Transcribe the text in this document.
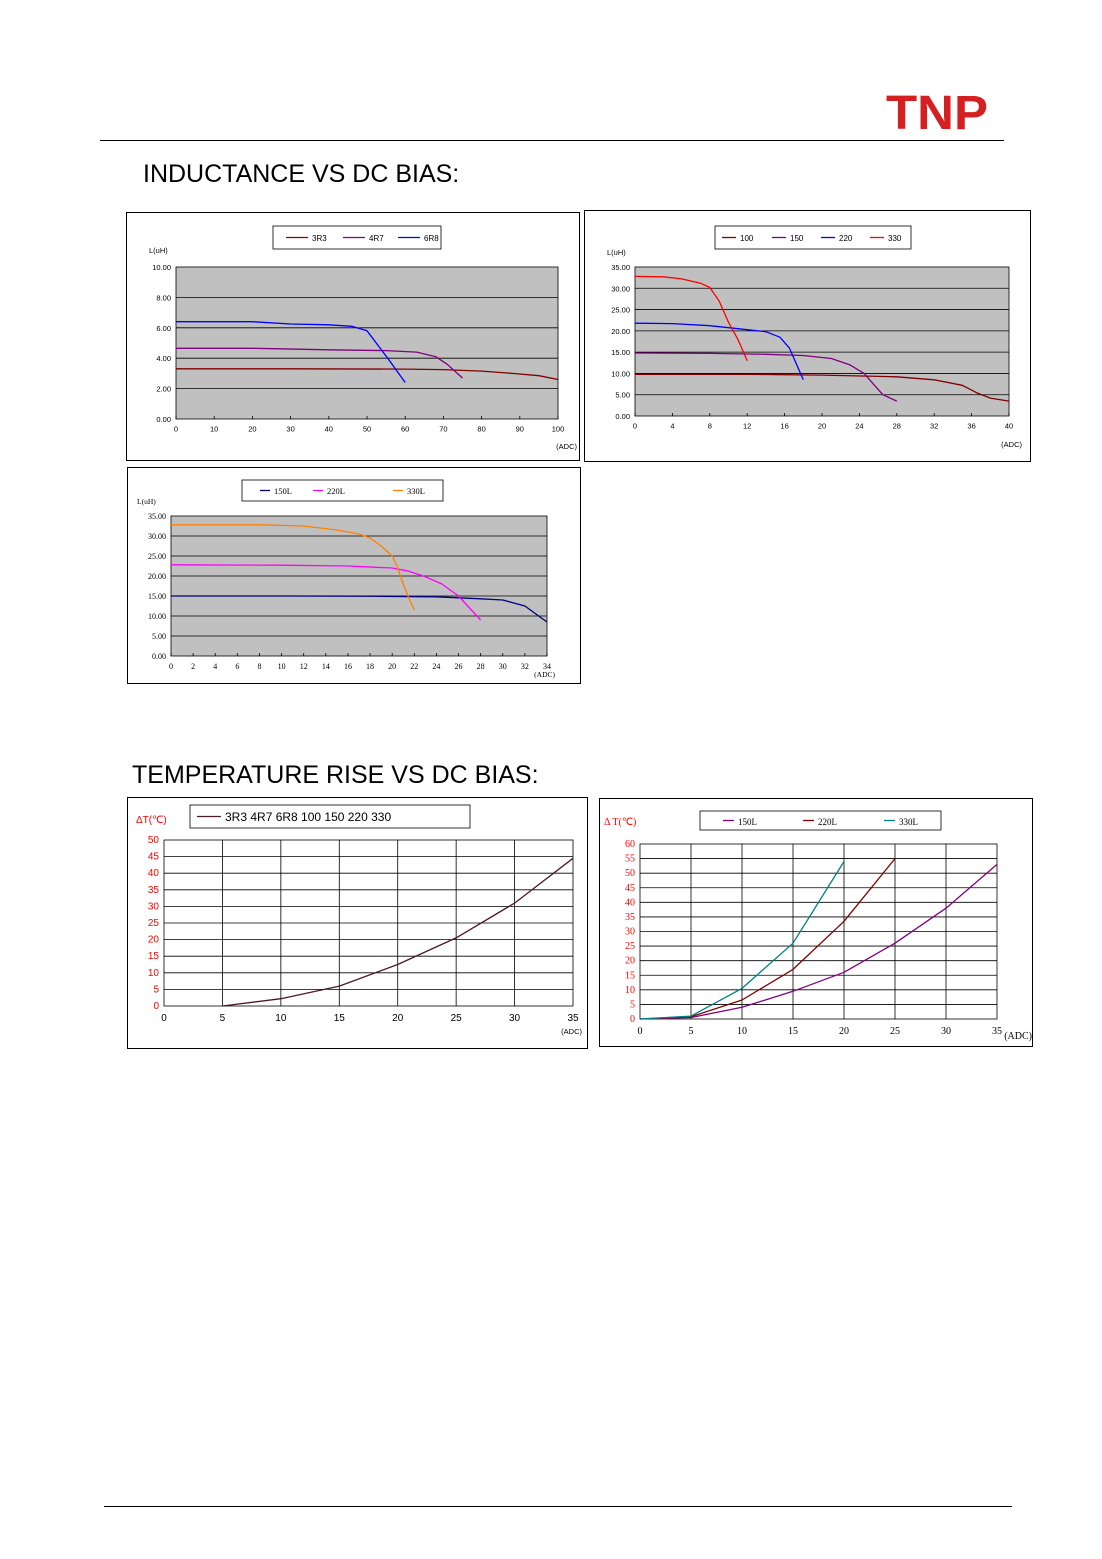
TNP
INDUCTANCE VS DC BIAS:
0.00
2.00
4.00
6.00
8.00
10.00
0	10	20	30	40	50	60	70	80	90	100
L(uH)
(ADC)
3R3	4R7	6R8
0.00
5.00
10.00
15.00
20.00
25.00
30.00
35.00
0	4	8	12	16	20	24	28	32	36	40
L(uH)
(ADC)
100	150	220	330
0.00
5.00
10.00
15.00
20.00
25.00
30.00
35.00
0 2 4 6 8 10 12 14 16 18 20 22 24 26 28 30 32 34
L(uH)
(ADC)
150L	220L	330L
TEMPERATURE RISE VS DC BIAS:
0
5
10
15
20
25
30
35
40
45
50
0	5	10	15	20	25	30	35
ΔT(℃)
(ADC)
3R3 4R7 6R8 100 150 220 330
0
5
10
15
20
25
30
35
40
45
50
55
60
0	5	10	15	20	25	30	35
Δ T(℃)
(ADC)
150L	220L	330L
